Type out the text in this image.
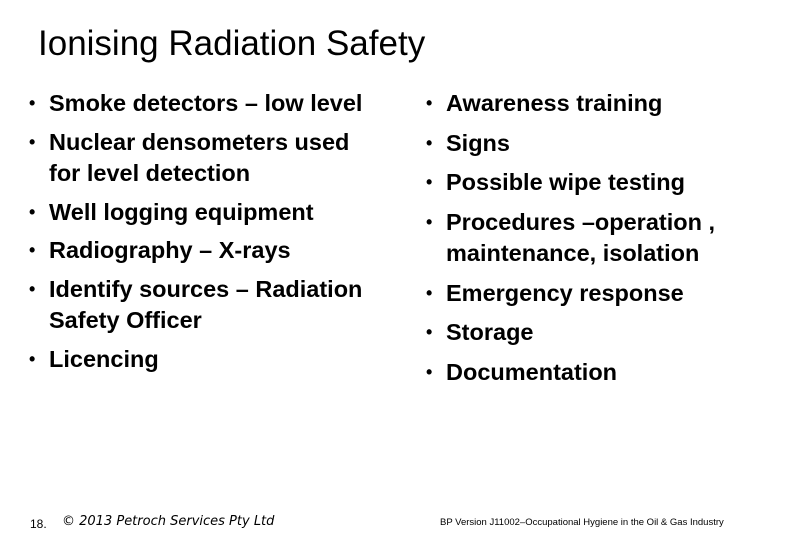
Ionising Radiation Safety
• Smoke detectors – low level
• Nuclear densometers used for level detection
• Well logging equipment
• Radiography – X-rays
• Identify sources – Radiation Safety Officer
• Licencing
• Awareness training
• Signs
• Possible wipe testing
• Procedures –operation , maintenance, isolation
• Emergency response
• Storage
• Documentation
18. © 2013 Petroch Services Pty Ltd	BP Version J11002–Occupational Hygiene in the Oil & Gas Industry
